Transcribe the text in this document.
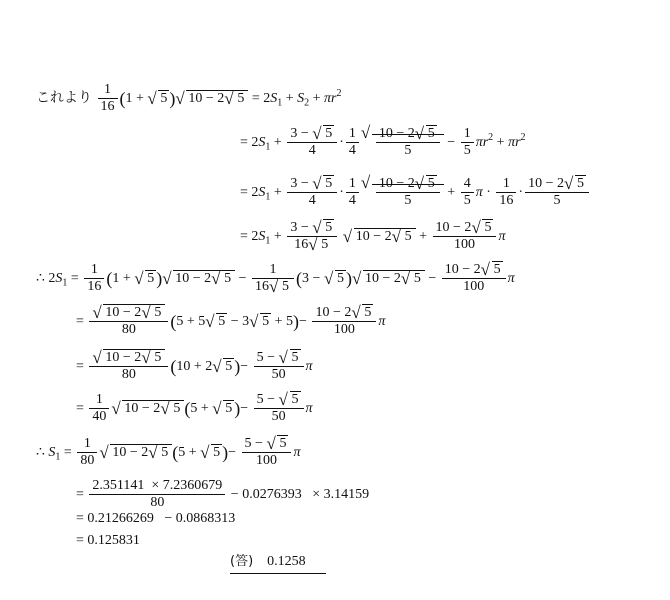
これより $\frac{1}{16} (1$ + √ 5 )√ 10 − 2√ $5 = 2S_1 + S_2 + \pi r^2$
= $2S_1 + \frac{3 - √ 5}{4} \cdot \frac{1}{4}$
√ $\frac{10 - 2√ 5}{5} - \frac{1}{5} \pi r^2 + \pi r^2$
= $2S_1 + \frac{3 - √ 5}{4} \cdot \frac{1}{4}$
√ $\frac{10 - 2√ 5}{5} + \frac{4}{5}$ $\pi \cdot \frac{1}{16} \cdot \frac{10 - 2√ 5}{5}$
= $2S_1 + \frac{3 - √ 5}{16√ 5}$
√ 10 − 2√ $5 + \frac{10 - 2√ 5}{100}$ π
∴ $2S_1 = \frac{1}{16} (1$ + √ 5 )√ 10 − 2√ $5 - \frac{1}{16√ 5} (3$ − √ 5 )√ 10 − 2√ $5 - \frac{10 - 2√ 5}{100}$ π
=
√ $\frac{10 - 2√ 5}{80} (5 + 5√$ 5 − 3√ $5 + 5)- \frac{10 - 2√ 5}{100}$ π
=
√ $\frac{10 - 2√ 5}{80} (10 + 2√$ 5 )− $\frac{5 - √ 5}{50}$ π
= $\frac{1}{40}$
√ 10 − 2√ 5 (5 + √ 5 )− $\frac{5 - √ 5}{50}$ π
∴ $S_1 = \frac{1}{80}$
√ 10 − 2√ 5 (5 + √ 5 )− $\frac{5 - √ 5}{100}$ π
= $\frac{2.351141 \times 7.2360679}{80} - 0.0276393 \times 3.14159$
= 0.21266269   − 0.0868313
= 0.125831
(答) 0.1258
